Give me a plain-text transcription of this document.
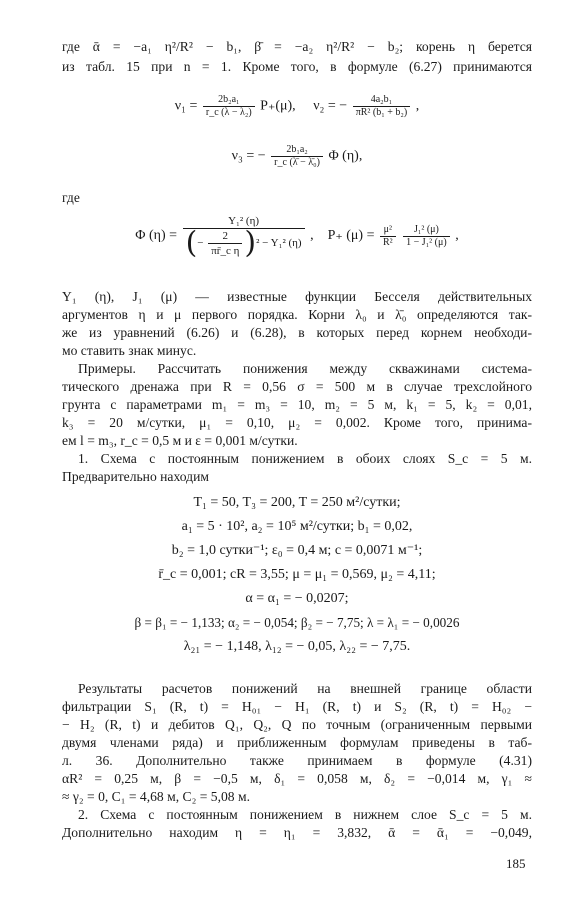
где ᾱ = −a₁ η²/R² − b₁, β̄ = −a₂ η²/R² − b₂; корень η берется
из табл. 15 при n = 1. Кроме того, в формуле (6.27) принимаются
$\nu_1 = \frac{\text{2b₂a₁}}{\text{r\_c (λ − λ₂)}} P_+(\mu)$, ν₂ = − $\frac{\text{4a₂b₁}}{\text{πR² (b₁ + b₂)}}$ ,
ν₃ = − $\frac{\text{2b₁a₂}}{\text{r\_c (λ̄ − λ̄₀)}}$ Φ (η),
где
Φ (η) =
Y₁² (η)
(− $\frac{2}{\text{πr̄\_c η}} )^2 - Y_1^2$ (η) , P₊ $(\mu) = \frac{\text{μ²}}{\text{R²}}$
$\frac{\text{J₁² (μ)}}{\text{1 − J₁² (μ)}}$ ,
Y₁ (η), J₁ (μ) — известные функции Бесселя действительных
аргументов η и μ первого порядка. Корни λ₀ и λ̄₀ определяются так-
же из уравнений (6.26) и (6.28), в которых перед корнем необходи-
мо ставить знак минус.
Примеры. Рассчитать понижения между скважинами система-
тического дренажа при R = 0,56 σ = 500 м в случае трехслойного
грунта с параметрами m₁ = m₃ = 10, m₂ = 5 м, k₁ = 5, k₂ = 0,01,
k₃ = 20 м/сутки, μ₁ = 0,10, μ₂ = 0,002. Кроме того, принима-
ем l = m₃, r_c = 0,5 м и ε = 0,001 м/сутки.
1. Схема с постоянным понижением в обоих слоях S_c = 5 м.
Предварительно находим
T₁ = 50, T₃ = 200, T = 250 м²/сутки;
a₁ = 5 · 10², a₂ = 10⁵ м²/сутки; b₁ = 0,02,
b₂ = 1,0 сутки⁻¹; ε₀ = 0,4 м; c = 0,0071 м⁻¹;
r̄_c = 0,001; cR = 3,55; μ = μ₁ = 0,569, μ₂ = 4,11;
α = α₁ = − 0,0207;
β = β₁ = − 1,133; α₂ = − 0,054; β₂ = − 7,75; λ = λ₁ = − 0,0026
λ₂₁ = − 1,148, λ₁₂ = − 0,05, λ₂₂ = − 7,75.
Результаты расчетов понижений на внешней границе области
фильтрации S₁ (R, t) = H₀₁ − H₁ (R, t) и S₂ (R, t) = H₀₂ −
− H₂ (R, t) и дебитов Q₁, Q₂, Q по точным (ограниченным первыми
двумя членами ряда) и приближенным формулам приведены в таб-
л. 36. Дополнительно также принимаем в формуле (4.31)
αR² = 0,25 м, β = −0,5 м, δ₁ = 0,058 м, δ₂ = −0,014 м, γ₁ ≈
≈ γ₂ = 0, C₁ = 4,68 м, C₂ = 5,08 м.
2. Схема с постоянным понижением в нижнем слое S_c = 5 м.
Дополнительно находим η = η₁ = 3,832, ᾱ = ᾱ₁ = −0,049,
185
